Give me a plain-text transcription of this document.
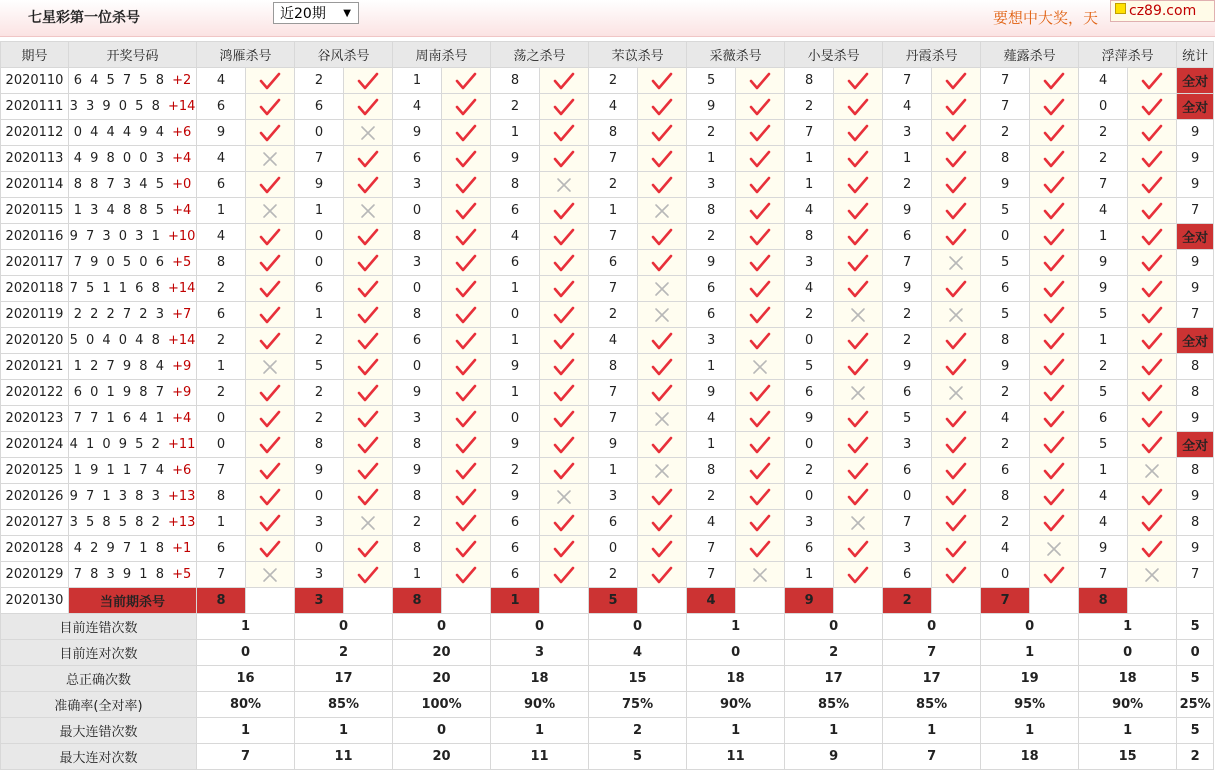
七星彩第一位杀号	近20期 ▼	要想中大奖，天	cz89.com
期号	开奖号码	鸿雁杀号		谷风杀号		周南杀号		荡之杀号		芣苡杀号		采薇杀号		小旻杀号		丹霞杀号		薤露杀号		浮萍杀号		统计
2020110	6 4 5 7 5 8 +2	4		2		1		8		2		5		8		7		7		4		全对
2020111	3 3 9 0 5 8 +14	6		6		4		2		4		9		2		4		7		0		全对
2020112	0 4 4 4 9 4 +6	9		0		9		1		8		2		7		3		2		2		9
2020113	4 9 8 0 0 3 +4	4		7		6		9		7		1		1		1		8		2		9
2020114	8 8 7 3 4 5 +0	6		9		3		8		2		3		1		2		9		7		9
2020115	1 3 4 8 8 5 +4	1		1		0		6		1		8		4		9		5		4		7
2020116	9 7 3 0 3 1 +10	4		0		8		4		7		2		8		6		0		1		全对
2020117	7 9 0 5 0 6 +5	8		0		3		6		6		9		3		7		5		9		9
2020118	7 5 1 1 6 8 +14	2		6		0		1		7		6		4		9		6		9		9
2020119	2 2 2 7 2 3 +7	6		1		8		0		2		6		2		2		5		5		7
2020120	5 0 4 0 4 8 +14	2		2		6		1		4		3		0		2		8		1		全对
2020121	1 2 7 9 8 4 +9	1		5		0		9		8		1		5		9		9		2		8
2020122	6 0 1 9 8 7 +9	2		2		9		1		7		9		6		6		2		5		8
2020123	7 7 1 6 4 1 +4	0		2		3		0		7		4		9		5		4		6		9
2020124	4 1 0 9 5 2 +11	0		8		8		9		9		1		0		3		2		5		全对
2020125	1 9 1 1 7 4 +6	7		9		9		2		1		8		2		6		6		1		8
2020126	9 7 1 3 8 3 +13	8		0		8		9		3		2		0		0		8		4		9
2020127	3 5 8 5 8 2 +13	1		3		2		6		6		4		3		7		2		4		8
2020128	4 2 9 7 1 8 +1	6		0		8		6		0		7		6		3		4		9		9
2020129	7 8 3 9 1 8 +5	7		3		1		6		2		7		1		6		0		7		7
2020130	当前期杀号	8		3		8		1		5		4		9		2		7		8		
目前连错次数		1		0		0		0		0		1		0		0		0		1		5
目前连对次数		0		2		20		3		4		0		2		7		1		0		0
总正确次数		16		17		20		18		15		18		17		17		19		18		5
准确率(全对率)		80%		85%		100%		90%		75%		90%		85%		85%		95%		90%		25%
最大连错次数		1		1		0		1		2		1		1		1		1		1		5
最大连对次数		7		11		20		11		5		11		9		7		18		15		2
